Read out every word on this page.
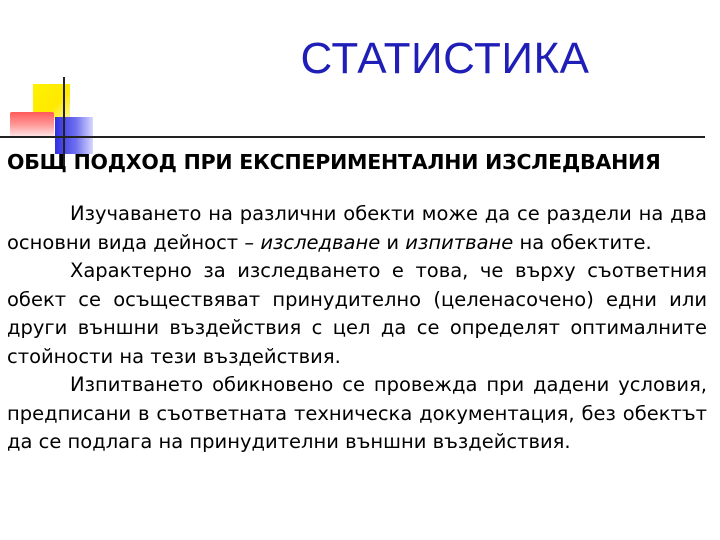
СТАТИСТИКА
ОБЩ ПОДХОД ПРИ ЕКСПЕРИМЕНТАЛНИ ИЗСЛЕДВАНИЯ

Изучаването на различни обекти може да се раздели на два основни вида дейност – изследване и изпитване на обектите.

Характерно за изследването е това, че върху съответния обект се осъществяват принудително (целенасочено) едни или други външни въздействия с цел да се определят оптималните стойности на тези въздействия.

Изпитването обикновено се провежда при дадени условия, предписани в съответната техническа документация, без обектът да се подлага на принудителни външни въздействия.
